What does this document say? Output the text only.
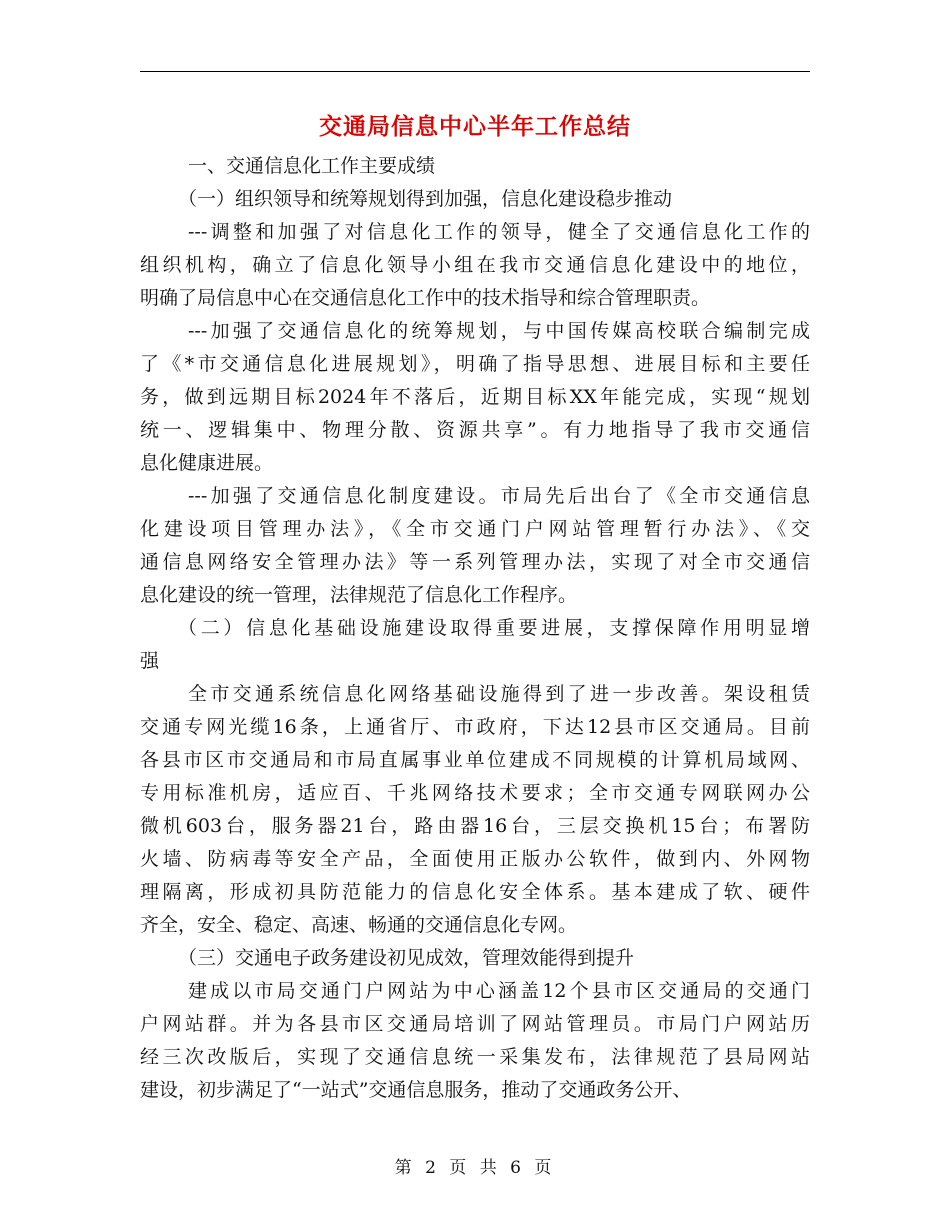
交通局信息中心半年工作总结
一、交通信息化工作主要成绩
（一）组织领导和统筹规划得到加强，信息化建设稳步推动
---调整和加强了对信息化工作的领导，健全了交通信息化工作的
组织机构，确立了信息化领导小组在我市交通信息化建设中的地位，
明确了局信息中心在交通信息化工作中的技术指导和综合管理职责。
---加强了交通信息化的统筹规划，与中国传媒高校联合编制完成
了《*市交通信息化进展规划》，明确了指导思想、进展目标和主要任
务，做到远期目标2024年不落后，近期目标XX年能完成，实现“规划
统一、逻辑集中、物理分散、资源共享”。有力地指导了我市交通信
息化健康进展。
---加强了交通信息化制度建设。市局先后出台了《全市交通信息
化建设项目管理办法》，《全市交通门户网站管理暂行办法》、《交
通信息网络安全管理办法》等一系列管理办法，实现了对全市交通信
息化建设的统一管理，法律规范了信息化工作程序。
（二）信息化基础设施建设取得重要进展，支撑保障作用明显增
强
全市交通系统信息化网络基础设施得到了进一步改善。架设租赁
交通专网光缆16条，上通省厅、市政府，下达12县市区交通局。目前
各县市区市交通局和市局直属事业单位建成不同规模的计算机局域网、
专用标准机房，适应百、千兆网络技术要求；全市交通专网联网办公
微机603台，服务器21台，路由器16台，三层交换机15台；布署防
火墙、防病毒等安全产品，全面使用正版办公软件，做到内、外网物
理隔离，形成初具防范能力的信息化安全体系。基本建成了软、硬件
齐全，安全、稳定、高速、畅通的交通信息化专网。
（三）交通电子政务建设初见成效，管理效能得到提升
建成以市局交通门户网站为中心涵盖12个县市区交通局的交通门
户网站群。并为各县市区交通局培训了网站管理员。市局门户网站历
经三次改版后，实现了交通信息统一采集发布，法律规范了县局网站
建设，初步满足了“一站式”交通信息服务，推动了交通政务公开、
第 2 页 共 6 页
